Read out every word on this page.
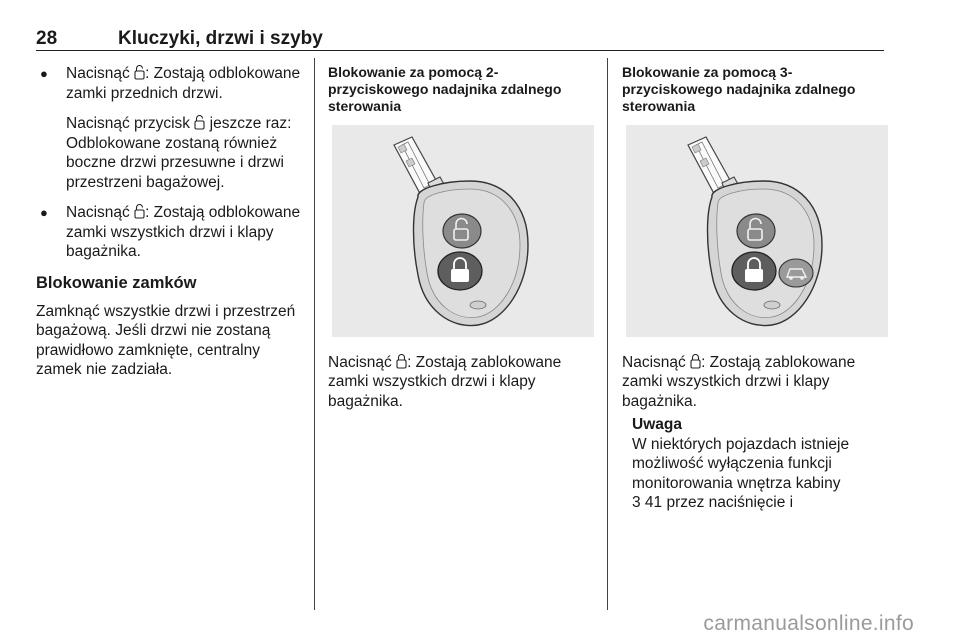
28	Kluczyki, drzwi i szyby
● Nacisnąć : Zostają odblokowane zamki przednich drzwi.
Nacisnąć przycisk  jeszcze raz: Odblokowane zostaną również boczne drzwi przesuwne i drzwi przestrzeni bagażowej.
● Nacisnąć : Zostają odblokowane zamki wszystkich drzwi i klapy bagażnika.
Blokowanie zamków
Zamknąć wszystkie drzwi i przestrzeń bagażową. Jeśli drzwi nie zostaną prawidłowo zamknięte, centralny zamek nie zadziała.
Blokowanie za pomocą 2-przyciskowego nadajnika zdalnego sterowania
Nacisnąć : Zostają zablokowane zamki wszystkich drzwi i klapy bagażnika.
Blokowanie za pomocą 3-przyciskowego nadajnika zdalnego sterowania
Nacisnąć : Zostają zablokowane zamki wszystkich drzwi i klapy bagażnika.
Uwaga
W niektórych pojazdach istnieje możliwość wyłączenia funkcji monitorowania wnętrza kabiny
3 41 przez naciśnięcie i
carmanualsonline.info
